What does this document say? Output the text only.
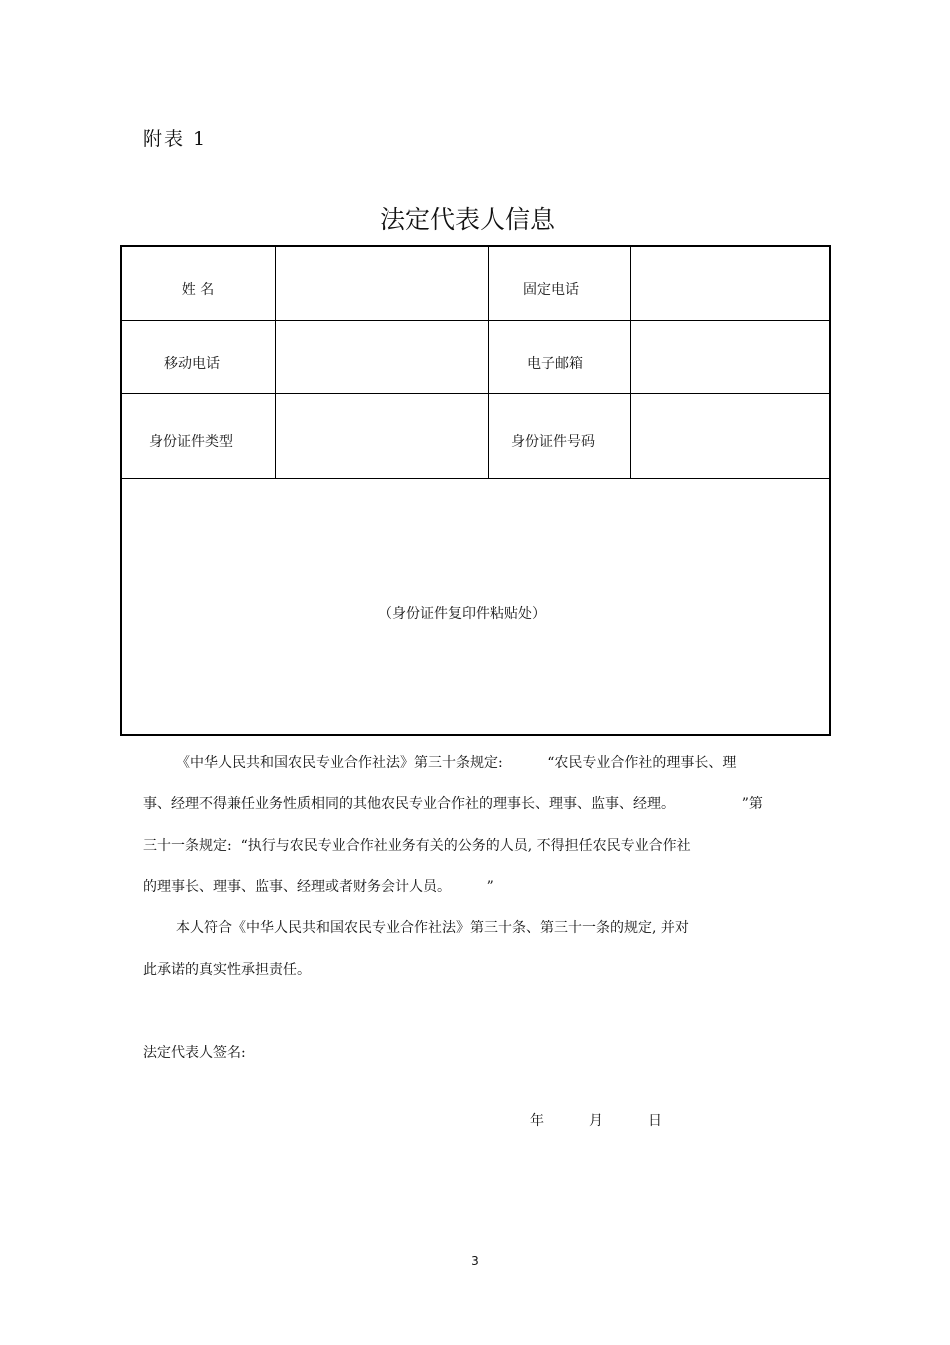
附表 1
法定代表人信息
姓 名	固定电话
移动电话	电子邮箱
身份证件类型	身份证件号码
（身份证件复印件粘贴处）
《中华人民共和国农民专业合作社法》第三十条规定:          “农民专业合作社的理事长、理
事、经理不得兼任业务性质相同的其他农民专业合作社的理事长、理事、监事、经理。               ”第
三十一条规定:  “执行与农民专业合作社业务有关的公务的人员, 不得担任农民专业合作社
的理事长、理事、监事、经理或者财务会计人员。        ”
本人符合《中华人民共和国农民专业合作社法》第三十条、第三十一条的规定, 并对
此承诺的真实性承担责任。
法定代表人签名:
年	月	日
3
